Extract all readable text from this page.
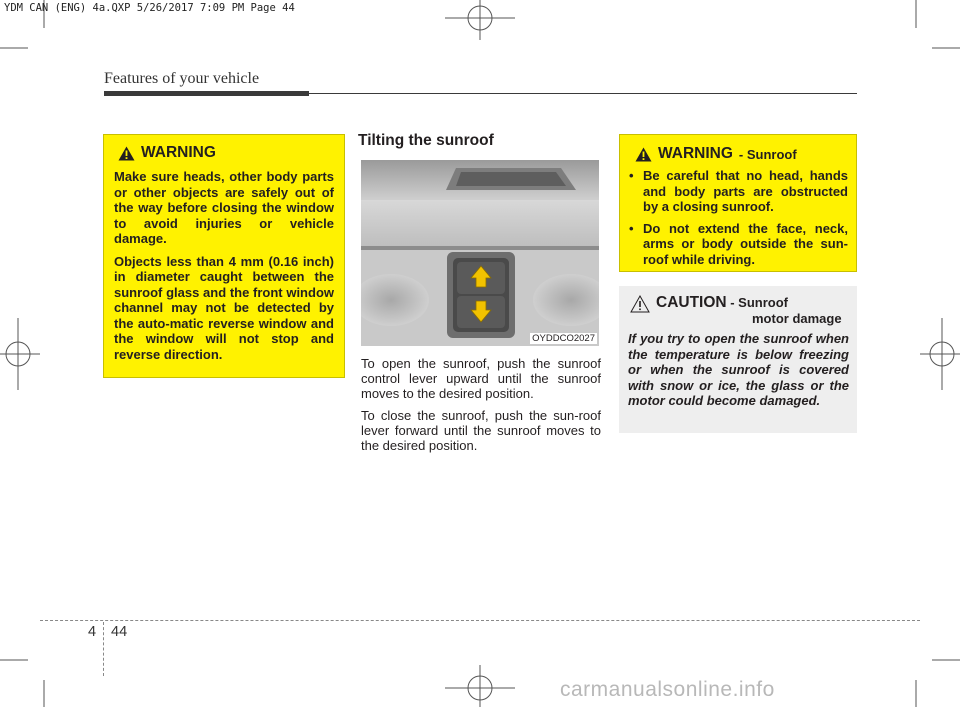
YDM CAN (ENG) 4a.QXP 5/26/2017 7:09 PM Page 44
Features of your vehicle
WARNING

Make sure heads, other body parts or other objects are safely out of the way before closing the window to avoid injuries or vehicle damage.

Objects less than 4 mm (0.16 inch) in diameter caught between the sunroof glass and the front window channel may not be detected by the auto-matic reverse window and the window will not stop and reverse direction.

Tilting the sunroof
OYDDCO2027

To open the sunroof, push the sunroof control lever upward until the sunroof moves to the desired position.

To close the sunroof, push the sun-roof lever forward until the sunroof moves to the desired position.

WARNING - Sunroof
• Be careful that no head, hands and body parts are obstructed by a closing sunroof.
• Do not extend the face, neck, arms or body outside the sun-roof while driving.
CAUTION - Sunroof
motor damage
If you try to open the sunroof when the temperature is below freezing or when the sunroof is covered with snow or ice, the glass or the motor could become damaged.
4 44
carmanualsonline.info
